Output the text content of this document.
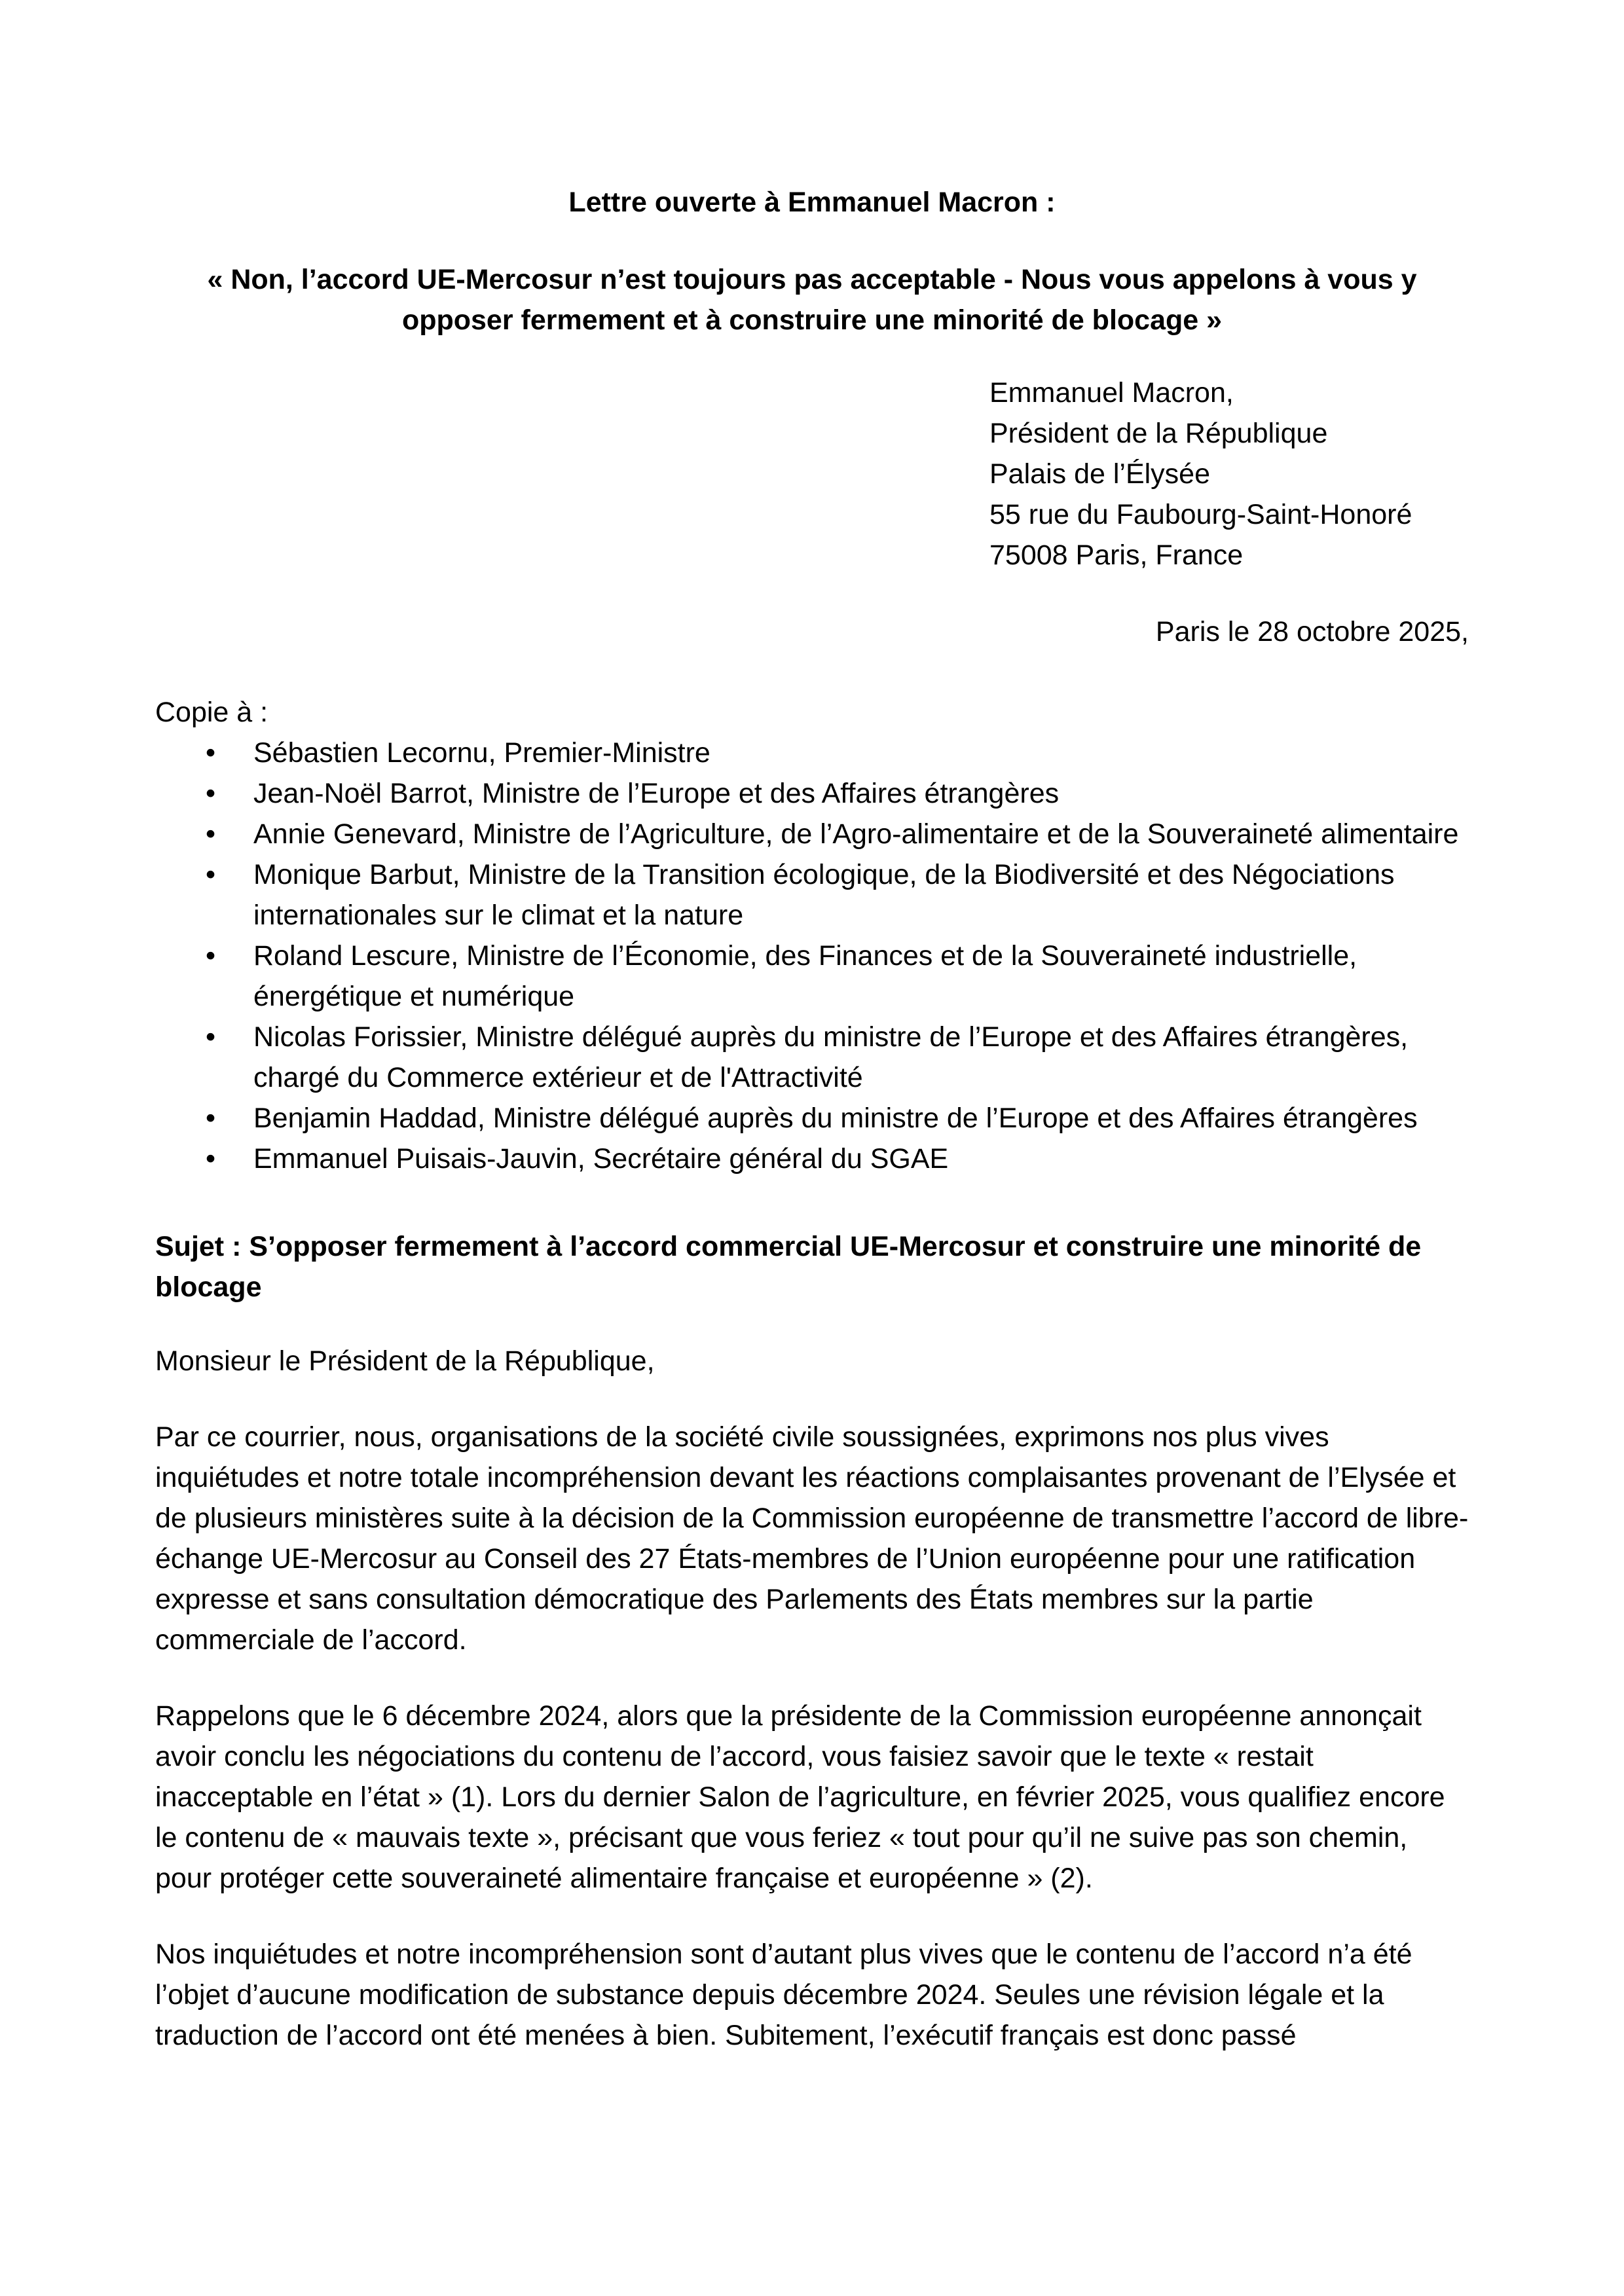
Lettre ouverte à Emmanuel Macron :
« Non, l’accord UE-Mercosur n’est toujours pas acceptable - Nous vous appelons à vous y opposer fermement et à construire une minorité de blocage »
Emmanuel Macron,
Président de la République
Palais de l’Élysée
55 rue du Faubourg-Saint-Honoré
75008 Paris, France
Paris le 28 octobre 2025,
Copie à :
• Sébastien Lecornu, Premier-Ministre
• Jean-Noël Barrot, Ministre de l’Europe et des Affaires étrangères
• Annie Genevard, Ministre de l’Agriculture, de l’Agro-alimentaire et de la Souveraineté alimentaire
• Monique Barbut, Ministre de la Transition écologique, de la Biodiversité et des Négociations internationales sur le climat et la nature
• Roland Lescure, Ministre de l’Économie, des Finances et de la Souveraineté industrielle, énergétique et numérique
• Nicolas Forissier, Ministre délégué auprès du ministre de l’Europe et des Affaires étrangères, chargé du Commerce extérieur et de l'Attractivité
• Benjamin Haddad, Ministre délégué auprès du ministre de l’Europe et des Affaires étrangères
• Emmanuel Puisais-Jauvin, Secrétaire général du SGAE
Sujet : S’opposer fermement à l’accord commercial UE-Mercosur et construire une minorité de blocage
Monsieur le Président de la République,
Par ce courrier, nous, organisations de la société civile soussignées, exprimons nos plus vives inquiétudes et notre totale incompréhension devant les réactions complaisantes provenant de l’Elysée et de plusieurs ministères suite à la décision de la Commission européenne de transmettre l’accord de libre-échange UE-Mercosur au Conseil des 27 États-membres de l’Union européenne pour une ratification expresse et sans consultation démocratique des Parlements des États membres sur la partie commerciale de l’accord.
Rappelons que le 6 décembre 2024, alors que la présidente de la Commission européenne annonçait avoir conclu les négociations du contenu de l’accord, vous faisiez savoir que le texte « restait inacceptable en l’état » (1). Lors du dernier Salon de l’agriculture, en février 2025, vous qualifiez encore le contenu de « mauvais texte », précisant que vous feriez « tout pour qu’il ne suive pas son chemin, pour protéger cette souveraineté alimentaire française et européenne » (2).
Nos inquiétudes et notre incompréhension sont d’autant plus vives que le contenu de l’accord n’a été l’objet d’aucune modification de substance depuis décembre 2024. Seules une révision légale et la traduction de l’accord ont été menées à bien. Subitement, l’exécutif français est donc passé
